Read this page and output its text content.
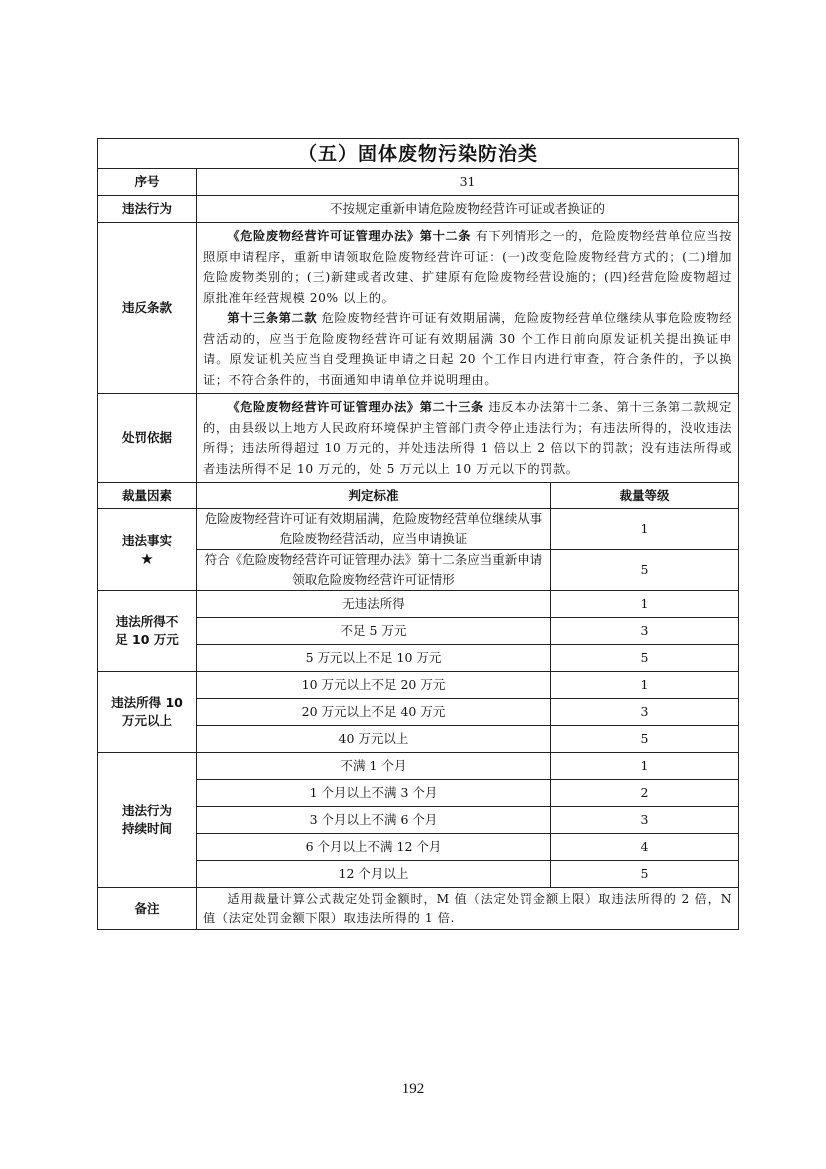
（五）固体废物污染防治类		
序号	31	
违法行为	不按规定重新申请危险废物经营许可证或者换证的	
违反条款	《危险废物经营许可证管理办法》第十二条 有下列情形之一的，危险废物经营单位应当按照原申请程序，重新申请领取危险废物经营许可证：(一)改变危险废物经营方式的；(二)增加危险废物类别的；(三)新建或者改建、扩建原有危险废物经营设施的；(四)经营危险废物超过原批准年经营规模 20% 以上的。
第十三条第二款 危险废物经营许可证有效期届满，危险废物经营单位继续从事危险废物经营活动的，应当于危险废物经营许可证有效期届满 30 个工作日前向原发证机关提出换证申请。原发证机关应当自受理换证申请之日起 20 个工作日内进行审查，符合条件的，予以换证；不符合条件的，书面通知申请单位并说明理由。	

处罚依据	《危险废物经营许可证管理办法》第二十三条 违反本办法第十二条、第十三条第二款规定的，由县级以上地方人民政府环境保护主管部门责令停止违法行为；有违法所得的，没收违法所得；违法所得超过 10 万元的，并处违法所得 1 倍以上 2 倍以下的罚款；没有违法所得或者违法所得不足 10 万元的，处 5 万元以上 10 万元以下的罚款。	

裁量因素	判定标准	裁量等级

违法事实
★	危险废物经营许可证有效期届满，危险废物经营单位继续从事危险废物经营活动，应当申请换证	1
	符合《危险废物经营许可证管理办法》第十二条应当重新申请领取危险废物经营许可证情形	5

违法所得不
足 10 万元	无违法所得	1
	不足 5 万元	3
	5 万元以上不足 10 万元	5

违法所得 10
万元以上	10 万元以上不足 20 万元	1
	20 万元以上不足 40 万元	3
	40 万元以上	5

违法行为
持续时间	不满 1 个月	1
	1 个月以上不满 3 个月	2
	3 个月以上不满 6 个月	3
	6 个月以上不满 12 个月	4
	12 个月以上	5
备注	适用裁量计算公式裁定处罚金额时，M 值（法定处罚金额上限）取违法所得的 2 倍，N 值（法定处罚金额下限）取违法所得的 1 倍.	
192
